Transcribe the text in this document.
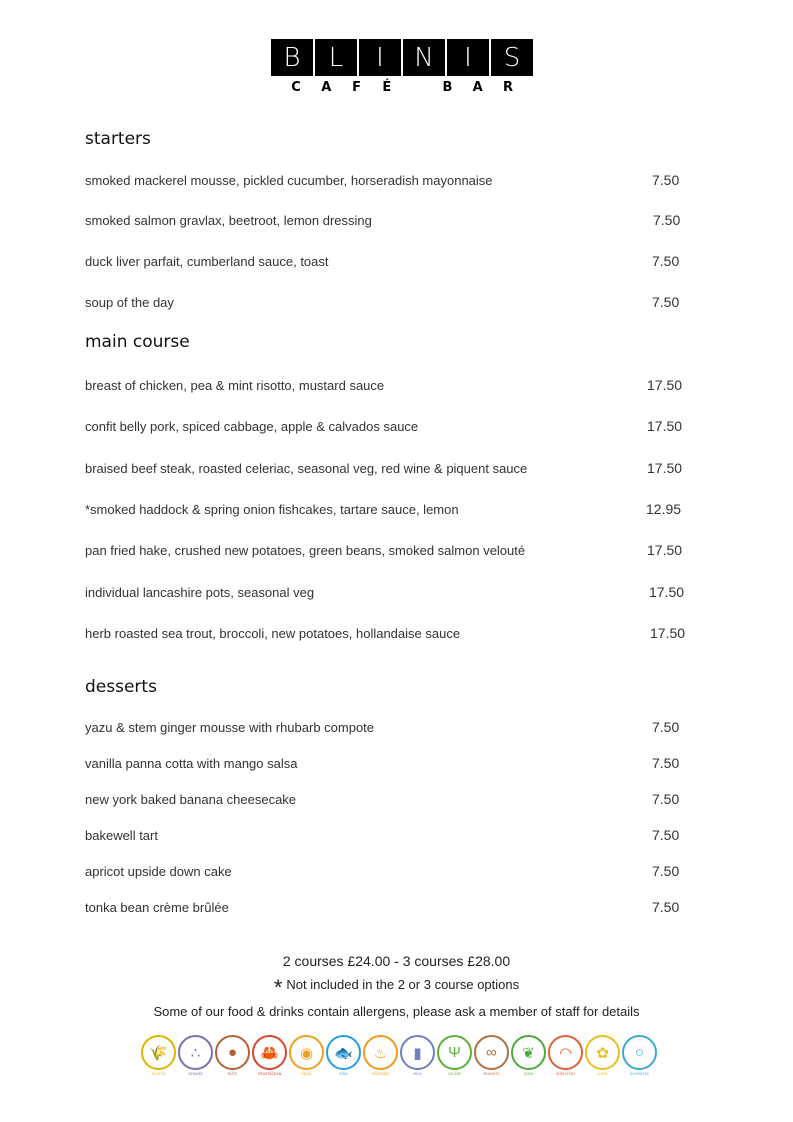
B	L	I	N	I	S
C	A	F	É	B	A	R
starters
smoked mackerel mousse, pickled cucumber, horseradish mayonnaise	7.50
smoked salmon gravlax, beetroot, lemon dressing	7.50
duck liver parfait, cumberland sauce, toast	7.50
soup of the day	7.50
main course
breast of chicken, pea & mint risotto, mustard sauce	17.50
confit belly pork, spiced cabbage, apple & calvados sauce	17.50
braised beef steak, roasted celeriac, seasonal veg, red wine & piquent sauce	17.50
*smoked haddock & spring onion fishcakes, tartare sauce, lemon	12.95
pan fried hake, crushed new potatoes, green beans, smoked salmon velouté	17.50
individual lancashire pots, seasonal veg	17.50
herb roasted sea trout, broccoli, new potatoes, hollandaise sauce	17.50
desserts
yazu & stem ginger mousse with rhubarb compote	7.50
vanilla panna cotta with mango salsa	7.50
new york baked banana cheesecake	7.50
bakewell tart	7.50
apricot upside down cake	7.50
tonka bean crème brûlée	7.50
2 courses £24.00 - 3 courses £28.00
* Not included in the 2 or 3 course options
Some of our food & drinks contain allergens, please ask a member of staff for details
🌾
GLUTEN
∴
SESAME
●
NUTS
🦀
CRUSTACEAN
◉
EGGS
🐟
FISH
♨
MUSTARD
▮
MILK
Ψ
CELERY
∞
PEANUTS
❦
SOYA
◠
SHELLFISH
✿
LUPIN
○
SULPHITES
